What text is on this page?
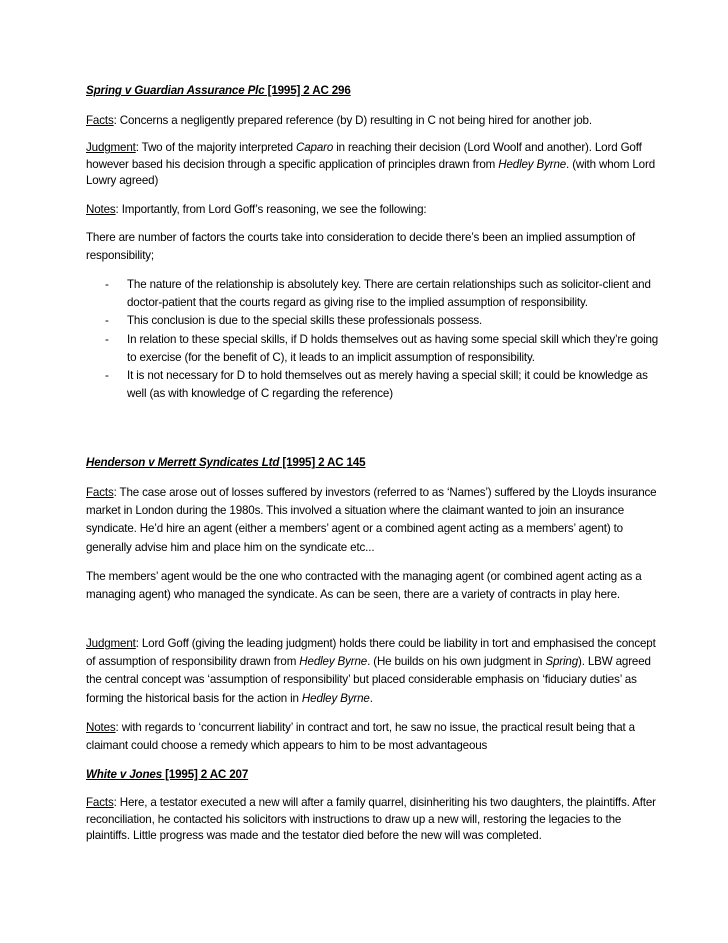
Spring v Guardian Assurance Plc [1995] 2 AC 296

Facts: Concerns a negligently prepared reference (by D) resulting in C not being hired for another job.

Judgment: Two of the majority interpreted Caparo in reaching their decision (Lord Woolf and another). Lord Goff however based his decision through a specific application of principles drawn from Hedley Byrne. (with whom Lord Lowry agreed)

Notes: Importantly, from Lord Goff’s reasoning, we see the following:

There are number of factors the courts take into consideration to decide there’s been an implied assumption of responsibility;

- The nature of the relationship is absolutely key. There are certain relationships such as solicitor-client and doctor-patient that the courts regard as giving rise to the implied assumption of responsibility.
- This conclusion is due to the special skills these professionals possess.
- In relation to these special skills, if D holds themselves out as having some special skill which they’re going to exercise (for the benefit of C), it leads to an implicit assumption of responsibility.
- It is not necessary for D to hold themselves out as merely having a special skill; it could be knowledge as well (as with knowledge of C regarding the reference)

Henderson v Merrett Syndicates Ltd [1995] 2 AC 145

Facts: The case arose out of losses suffered by investors (referred to as ‘Names’) suffered by the Lloyds insurance market in London during the 1980s. This involved a situation where the claimant wanted to join an insurance syndicate. He’d hire an agent (either a members’ agent or a combined agent acting as a members’ agent) to generally advise him and place him on the syndicate etc...

The members’ agent would be the one who contracted with the managing agent (or combined agent acting as a managing agent) who managed the syndicate. As can be seen, there are a variety of contracts in play here.

Judgment: Lord Goff (giving the leading judgment) holds there could be liability in tort and emphasised the concept of assumption of responsibility drawn from Hedley Byrne. (He builds on his own judgment in Spring). LBW agreed the central concept was ‘assumption of responsibility’ but placed considerable emphasis on ‘fiduciary duties’ as forming the historical basis for the action in Hedley Byrne.

Notes: with regards to ‘concurrent liability’ in contract and tort, he saw no issue, the practical result being that a claimant could choose a remedy which appears to him to be most advantageous

White v Jones [1995] 2 AC 207

Facts: Here, a testator executed a new will after a family quarrel, disinheriting his two daughters, the plaintiffs. After reconciliation, he contacted his solicitors with instructions to draw up a new will, restoring the legacies to the plaintiffs. Little progress was made and the testator died before the new will was completed.
